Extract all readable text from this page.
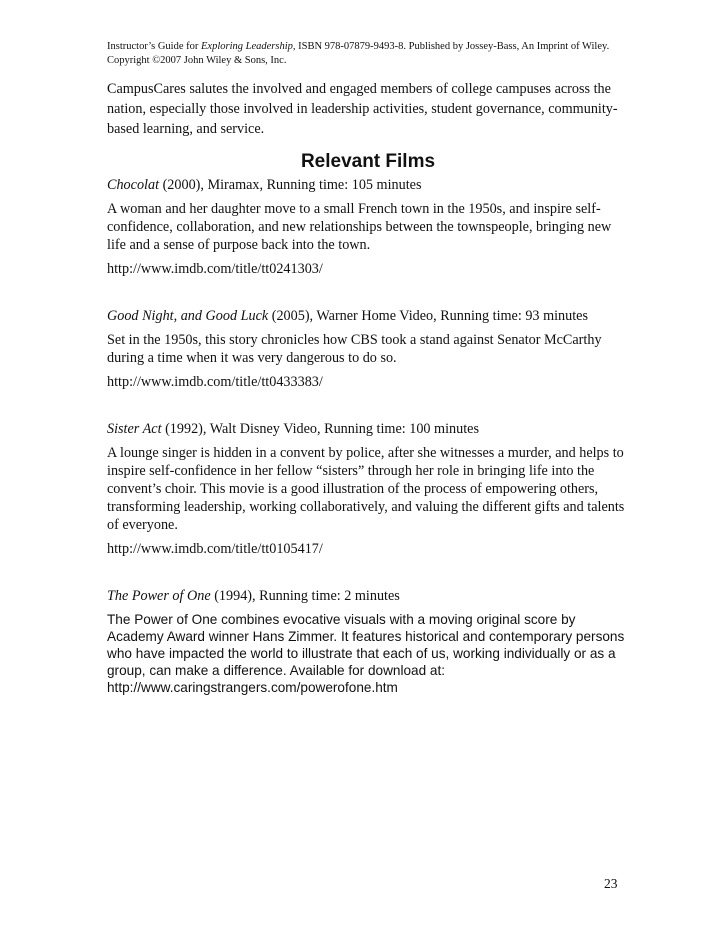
Instructor’s Guide for Exploring Leadership, ISBN 978-07879-9493-8. Published by Jossey-Bass, An Imprint of Wiley. Copyright ©2007 John Wiley & Sons, Inc.

CampusCares salutes the involved and engaged members of college campuses across the nation, especially those involved in leadership activities, student governance, community-based learning, and service.

Relevant Films

Chocolat (2000), Miramax, Running time: 105 minutes

A woman and her daughter move to a small French town in the 1950s, and inspire self-confidence, collaboration, and new relationships between the townspeople, bringing new life and a sense of purpose back into the town.

http://www.imdb.com/title/tt0241303/

Good Night, and Good Luck (2005), Warner Home Video, Running time: 93 minutes

Set in the 1950s, this story chronicles how CBS took a stand against Senator McCarthy during a time when it was very dangerous to do so.

http://www.imdb.com/title/tt0433383/

Sister Act (1992), Walt Disney Video, Running time: 100 minutes

A lounge singer is hidden in a convent by police, after she witnesses a murder, and helps to inspire self-confidence in her fellow “sisters” through her role in bringing life into the convent’s choir. This movie is a good illustration of the process of empowering others, transforming leadership, working collaboratively, and valuing the different gifts and talents of everyone.

http://www.imdb.com/title/tt0105417/

The Power of One (1994), Running time: 2 minutes

The Power of One combines evocative visuals with a moving original score by Academy Award winner Hans Zimmer. It features historical and contemporary persons who have impacted the world to illustrate that each of us, working individually or as a group, can make a difference. Available for download at:

http://www.caringstrangers.com/powerofone.htm

23
